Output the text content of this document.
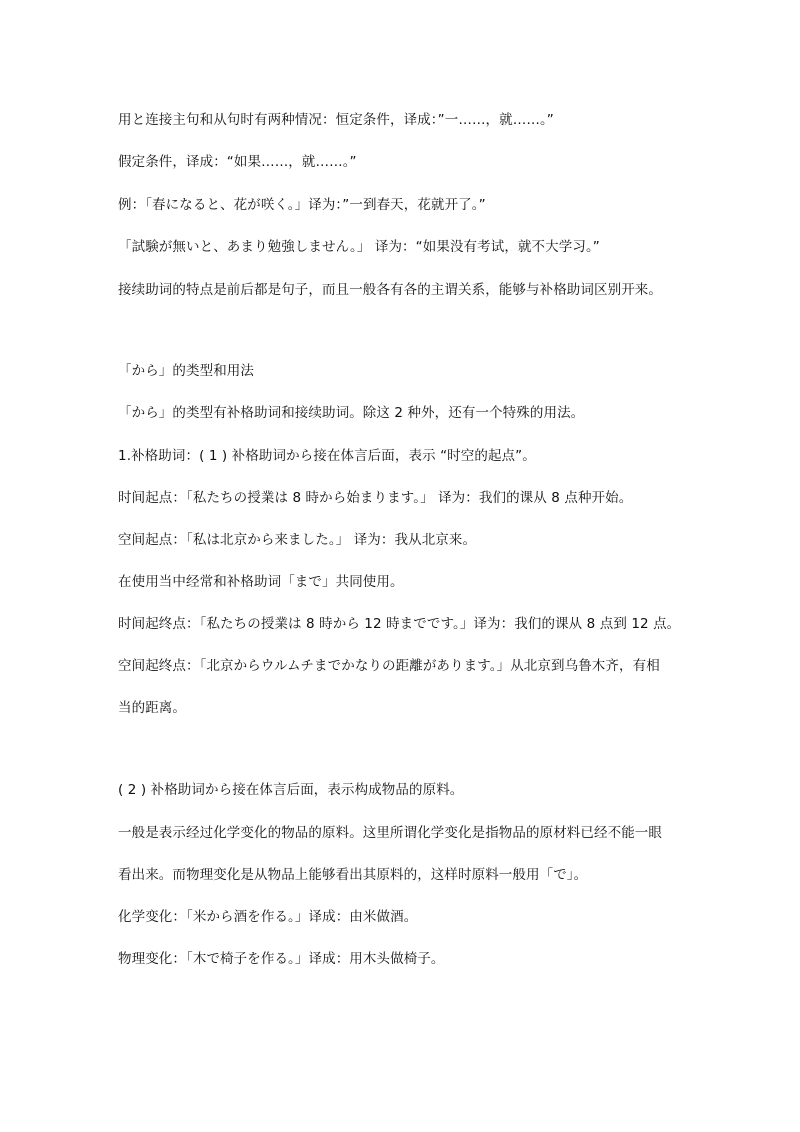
用と连接主句和从句时有两种情况：恒定条件，译成：”一……，就……。”
假定条件，译成：“如果……，就……。”
例：「春になると、花が咲く。」译为：”一到春天，花就开了。”
「試験が無いと、あまり勉強しません。」 译为：“如果没有考试，就不大学习。”
接续助词的特点是前后都是句子，而且一般各有各的主谓关系，能够与补格助词区别开来。
「から」的类型和用法
「から」的类型有补格助词和接续助词。除这 2 种外，还有一个特殊的用法。
1.补格助词：( 1 ) 补格助词から接在体言后面，表示 “时空的起点”。
时间起点：「私たちの授業は 8 時から始まります。」 译为：我们的课从 8 点种开始。
空间起点：「私は北京から来ました。」 译为：我从北京来。
在使用当中经常和补格助词「まで」共同使用。
时间起终点：「私たちの授業は 8 時から 12 時までです。」译为：我们的课从 8 点到 12 点。
空间起终点：「北京からウルムチまでかなりの距離があります。」从北京到乌鲁木齐，有相
当的距离。
( 2 ) 补格助词から接在体言后面，表示构成物品的原料。
一般是表示经过化学变化的物品的原料。这里所谓化学变化是指物品的原材料已经不能一眼
看出来。而物理变化是从物品上能够看出其原料的，这样时原料一般用「で」。
化学变化：「米から酒を作る。」译成：由米做酒。
物理变化：「木で椅子を作る。」译成：用木头做椅子。
